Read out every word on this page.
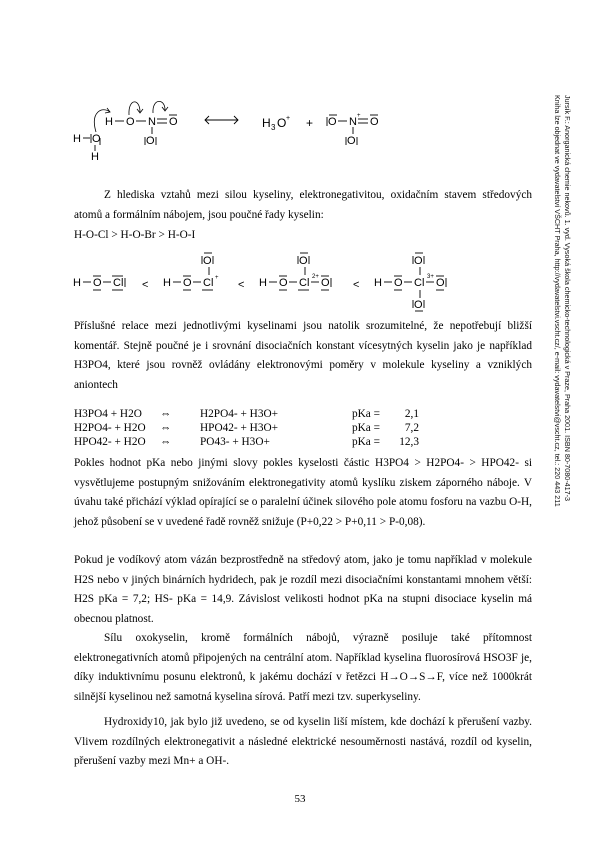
Jursík F.: Anorganická chemie nekovů. 1. vyd. Vysoká škola chemicko-technologická v Praze, Praha 2001. ISBN 80-7080-417-3
Kniha lze objednat ve vydavatelství VŠCHT Praha, http://vydavatelstvi.vscht.cz/, e-mail: vydavatelstvi@vscht.cz, tel.: 220 443 211
H O N O
O
H O
H
H 3 O + + O N + O
O

Z hlediska vztahů mezi silou kyseliny, elektronegativitou, oxidačním stavem středových atomů a formálním nábojem, jsou poučné řady kyselin:

H-O-Cl > H-O-Br > H-O-I
H O Cl < H O Cl +
O
< H O Cl 2+ O
O
< H O Cl 3+ O
O
O

Příslušné relace mezi jednotlivými kyselinami jsou natolik srozumitelné, že nepotřebují bližší komentář. Stejně poučné je i srovnání disociačních konstant vícesytných kyselin jako je například H3PO4, které jsou rovněž ovládány elektronovými poměry v molekule kyseliny a vzniklých aniontech

H3PO4 + H2O ⇔	H2PO4- + H3O+	pKa =	2,1
H2PO4- + H2O ⇔	HPO42- + H3O+	pKa =	7,2
HPO42- + H2O ⇔	PO43- + H3O+	pKa =	12,3

Pokles hodnot pKa nebo jinými slovy pokles kyselosti částic H3PO4 > H2PO4- > HPO42- si vysvětlujeme postupným snižováním elektronegativity atomů kyslíku ziskem záporného náboje. V úvahu také přichází výklad opírající se o paralelní účinek silového pole atomu fosforu na vazbu O-H, jehož působení se v uvedené řadě rovněž snižuje (P+0,22 > P+0,11 > P-0,08).

Pokud je vodíkový atom vázán bezprostředně na středový atom, jako je tomu například v molekule H2S nebo v jiných binárních hydridech, pak je rozdíl mezi disociačními konstantami mnohem větší: H2S pKa = 7,2; HS- pKa = 14,9. Závislost velikosti hodnot pKa na stupni disociace kyselin má obecnou platnost.

Sílu oxokyselin, kromě formálních nábojů, výrazně posiluje také přítomnost elektronegativních atomů připojených na centrální atom. Například kyselina fluorosírová HSO3F je, díky induktivnímu posunu elektronů, k jakému dochází v řetězci H→O→S→F, více než 1000krát silnější kyselinou než samotná kyselina sírová. Patří mezi tzv. superkyseliny.

Hydroxidy10, jak bylo již uvedeno, se od kyselin liší místem, kde dochází k přerušení vazby. Vlivem rozdílných elektronegativit a následné elektrické nesouměrnosti nastává, rozdíl od kyselin, přerušení vazby mezi Mn+ a OH-.

53
